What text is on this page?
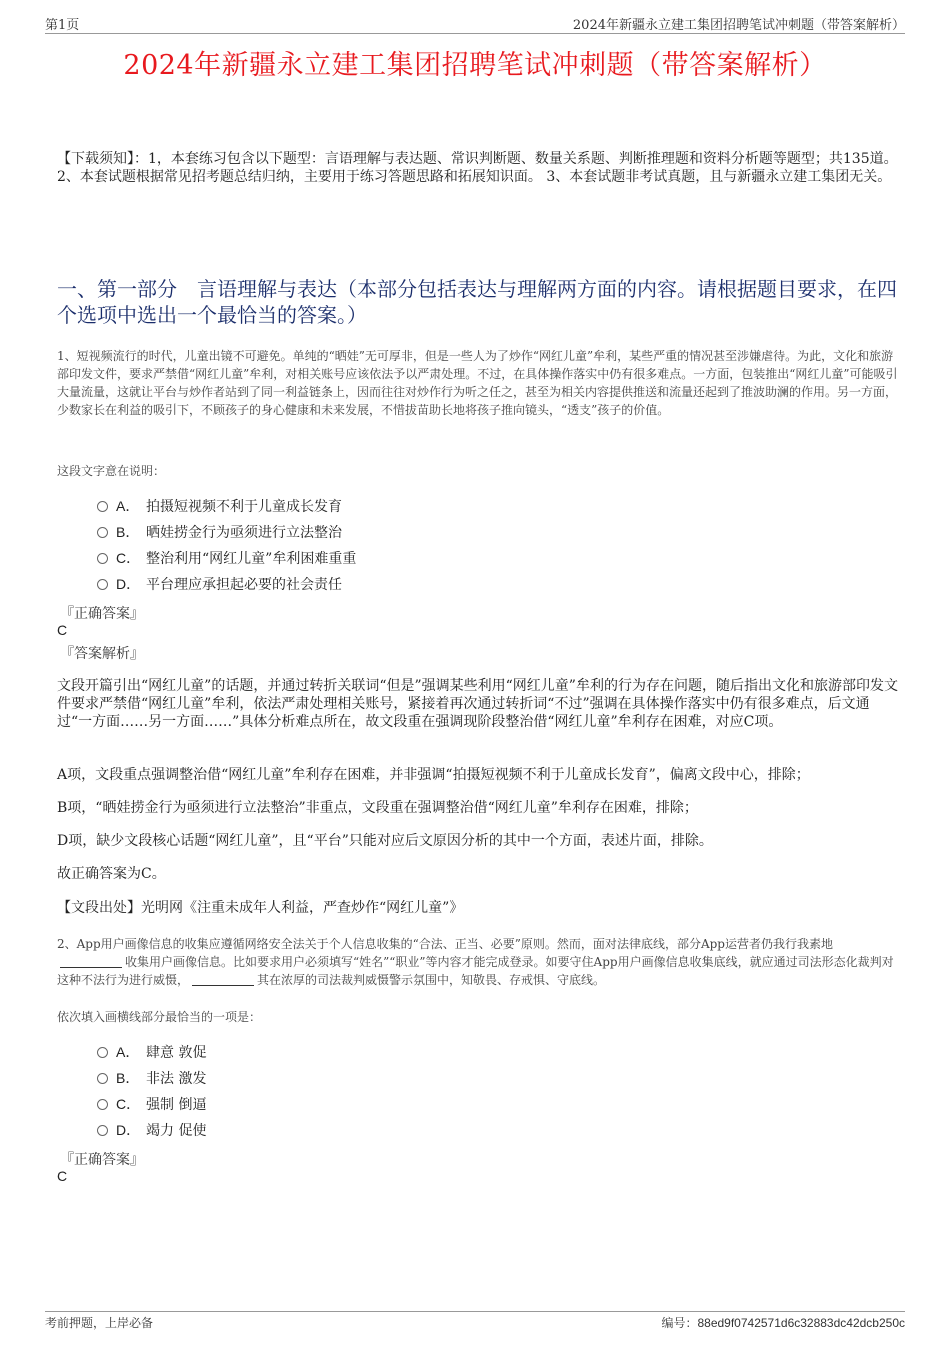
第1页	2024年新疆永立建工集团招聘笔试冲刺题（带答案解析）
2024年新疆永立建工集团招聘笔试冲刺题（带答案解析）
【下载须知】：1，本套练习包含以下题型：言语理解与表达题、常识判断题、数量关系题、判断推理题和资料分析题等题型；共135道。 2、本套试题根据常见招考题总结归纳，主要用于练习答题思路和拓展知识面。 3、本套试题非考试真题，且与新疆永立建工集团无关。
一、第一部分　言语理解与表达（本部分包括表达与理解两方面的内容。请根据题目要求，在四个选项中选出一个最恰当的答案。）
1、短视频流行的时代，儿童出镜不可避免。单纯的“晒娃”无可厚非，但是一些人为了炒作“网红儿童”牟利，某些严重的情况甚至涉嫌虐待。为此，文化和旅游部印发文件，要求严禁借“网红儿童”牟利，对相关账号应该依法予以严肃处理。不过，在具体操作落实中仍有很多难点。一方面，包装推出“网红儿童”可能吸引大量流量，这就让平台与炒作者站到了同一利益链条上，因而往往对炒作行为听之任之，甚至为相关内容提供推送和流量还起到了推波助澜的作用。另一方面，少数家长在利益的吸引下，不顾孩子的身心健康和未来发展，不惜拔苗助长地将孩子推向镜头，“透支”孩子的价值。
这段文字意在说明：
A． 拍摄短视频不利于儿童成长发育
B． 晒娃捞金行为亟须进行立法整治
C． 整治利用“网红儿童”牟利困难重重
D． 平台理应承担起必要的社会责任
『正确答案』
C
『答案解析』
文段开篇引出“网红儿童”的话题，并通过转折关联词“但是”强调某些利用“网红儿童”牟利的行为存在问题，随后指出文化和旅游部印发文件要求严禁借“网红儿童”牟利，依法严肃处理相关账号，紧接着再次通过转折词“不过”强调在具体操作落实中仍有很多难点，后文通过“一方面……另一方面……”具体分析难点所在，故文段重在强调现阶段整治借“网红儿童”牟利存在困难，对应C项。
A项，文段重点强调整治借“网红儿童”牟利存在困难，并非强调“拍摄短视频不利于儿童成长发育”，偏离文段中心，排除；
B项，“晒娃捞金行为亟须进行立法整治”非重点，文段重在强调整治借“网红儿童”牟利存在困难，排除；
D项，缺少文段核心话题“网红儿童”，且“平台”只能对应后文原因分析的其中一个方面，表述片面，排除。
故正确答案为C。
【文段出处】光明网《注重未成年人利益，严查炒作“网红儿童”》
2、App用户画像信息的收集应遵循网络安全法关于个人信息收集的“合法、正当、必要”原则。然而，面对法律底线，部分App运营者仍我行我素地收集用户画像信息。比如要求用户必须填写“姓名”“职业”等内容才能完成登录。如要守住App用户画像信息收集底线，就应通过司法形态化裁判对这种不法行为进行威慑，	其在浓厚的司法裁判威慑警示氛围中，知敬畏、存戒惧、守底线。
依次填入画横线部分最恰当的一项是：
A． 肆意 敦促
B． 非法 激发
C． 强制 倒逼
D． 竭力 促使
『正确答案』
C
考前押题，上岸必备	编号：88ed9f0742571d6c32883dc42dcb250c
